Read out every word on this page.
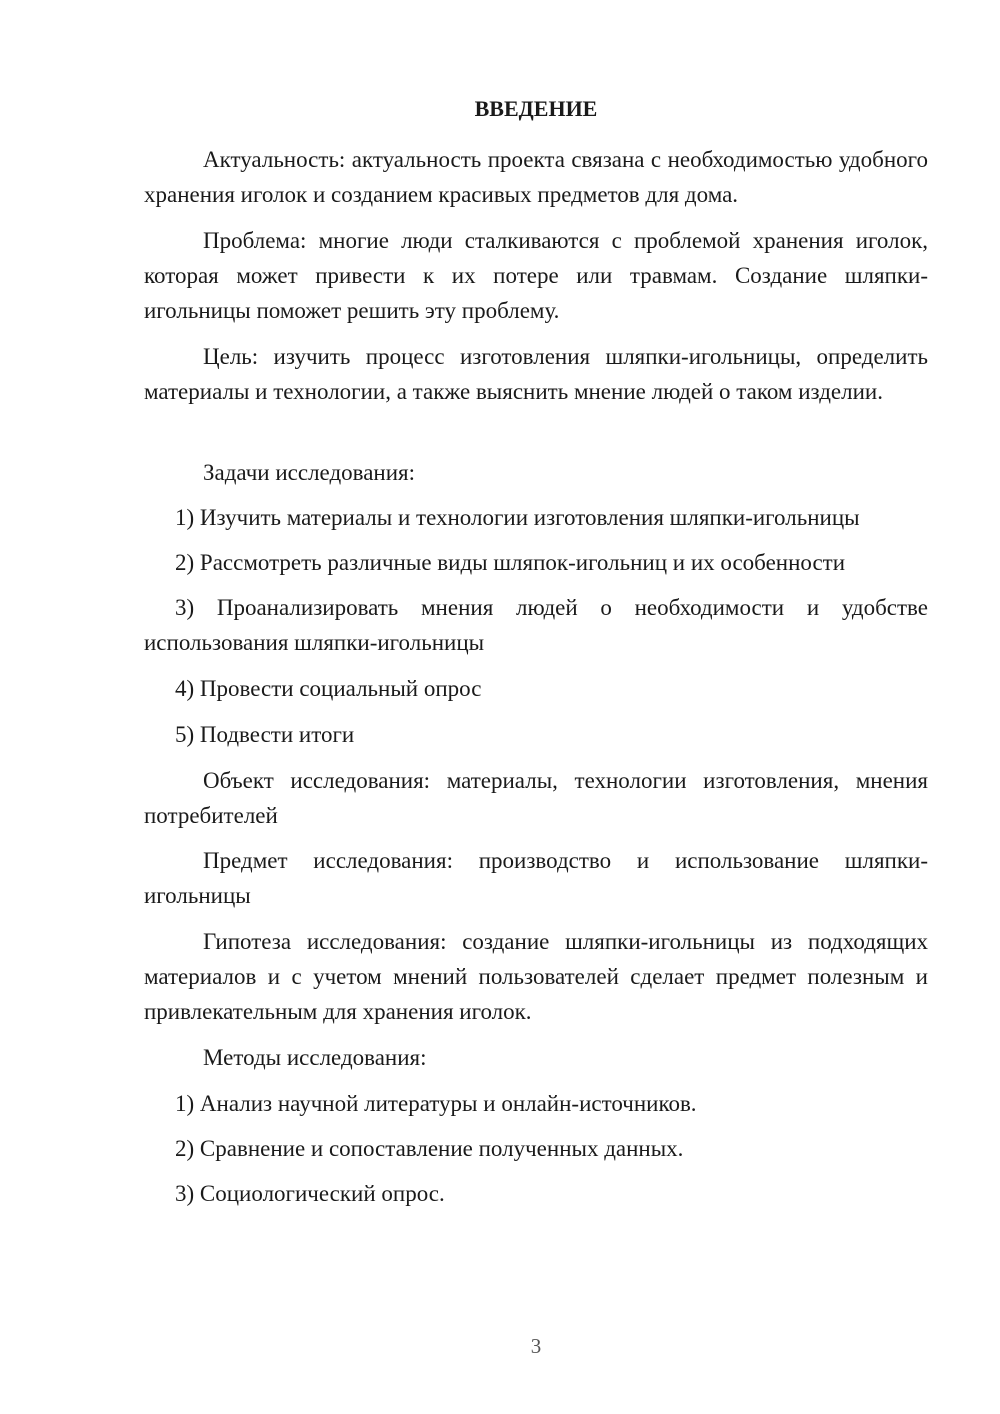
ВВЕДЕНИЕ

Актуальность: актуальность проекта связана с необходимостью удобного хранения иголок и созданием красивых предметов для дома.

Проблема: многие люди сталкиваются с проблемой хранения иголок, которая может привести к их потере или травмам. Создание шляпки-игольницы поможет решить эту проблему.

Цель: изучить процесс изготовления шляпки-игольницы, определить материалы и технологии, а также выяснить мнение людей о таком изделии.

Задачи исследования:

1) Изучить материалы и технологии изготовления шляпки-игольницы

2) Рассмотреть различные виды шляпок-игольниц и их особенности

3) Проанализировать мнения людей о необходимости и удобстве использования шляпки-игольницы

4) Провести социальный опрос

5) Подвести итоги

Объект исследования: материалы, технологии изготовления, мнения потребителей

Предмет исследования: производство и использование шляпки-игольницы

Гипотеза исследования: создание шляпки-игольницы из подходящих материалов и с учетом мнений пользователей сделает предмет полезным и привлекательным для хранения иголок.

Методы исследования:

1) Анализ научной литературы и онлайн-источников.

2) Сравнение и сопоставление полученных данных.

3) Социологический опрос.

3
